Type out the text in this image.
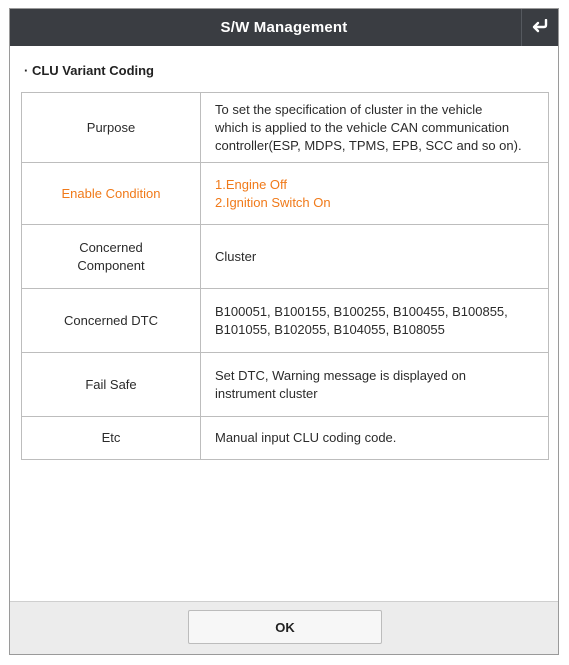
S/W Management
· CLU Variant Coding
Purpose	To set the specification of cluster in the vehicle
which is applied to the vehicle CAN communication
controller(ESP, MDPS, TPMS, EPB, SCC and so on).

Enable Condition	1.Engine Off
2.Ignition Switch On

Concerned
Component	Cluster
Concerned DTC	B100051, B100155, B100255, B100455, B100855,
B101055, B102055, B104055, B108055

Fail Safe	Set DTC, Warning message is displayed on
instrument cluster

Etc	Manual input CLU coding code.
OK
